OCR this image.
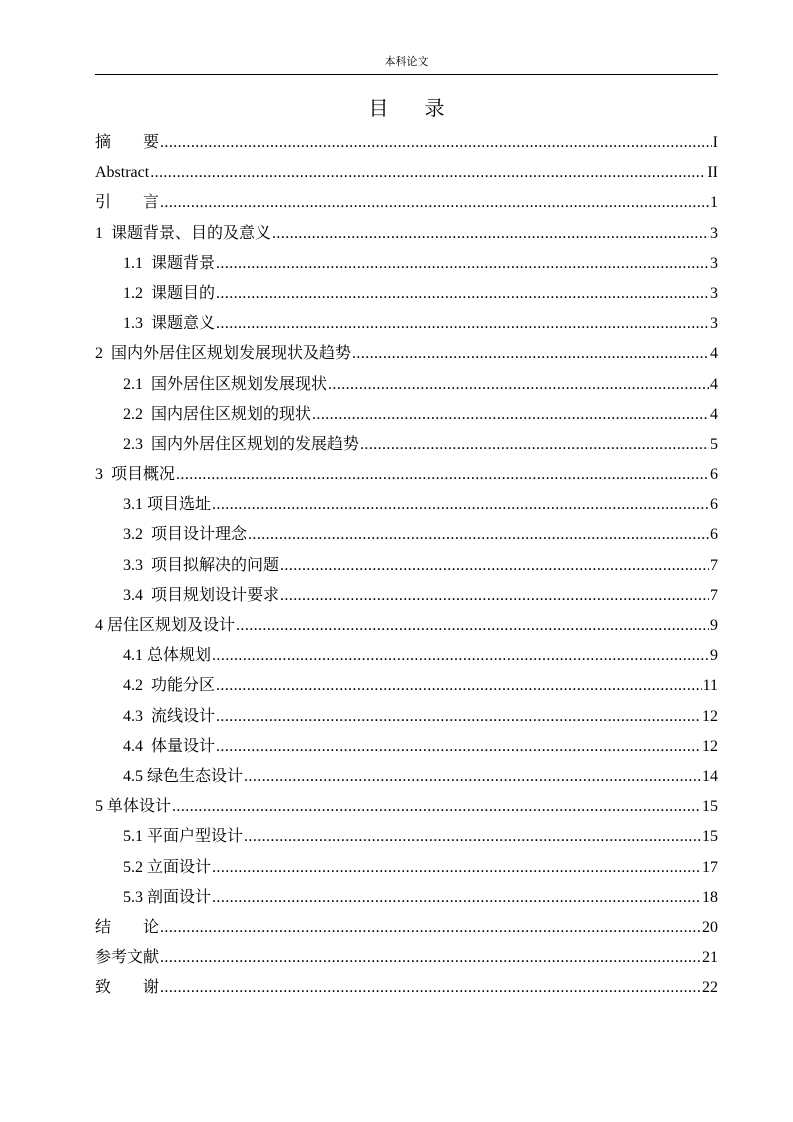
本科论文
目录
摘　　要 .....	I
Abstract .....	II
引　　言 .....	1
1  课题背景、目的及意义 .....	3
1.1  课题背景 .....	3
1.2  课题目的 .....	3
1.3  课题意义 .....	3
2  国内外居住区规划发展现状及趋势 .....	4
2.1  国外居住区规划发展现状 .....	4
2.2  国内居住区规划的现状 .....	4
2.3  国内外居住区规划的发展趋势 .....	5
3  项目概况 .....	6
3.1 项目选址 .....	6
3.2  项目设计理念 .....	6
3.3  项目拟解决的问题 .....	7
3.4  项目规划设计要求 .....	7
4 居住区规划及设计 .....	9
4.1 总体规划 .....	9
4.2  功能分区 .....	11
4.3  流线设计 .....	12
4.4  体量设计 .....	12
4.5 绿色生态设计 .....	14
5 单体设计 .....	15
5.1 平面户型设计 .....	15
5.2 立面设计 .....	17
5.3 剖面设计 .....	18
结　　论 .....	20
参考文献 .....	21
致　　谢 .....	22
